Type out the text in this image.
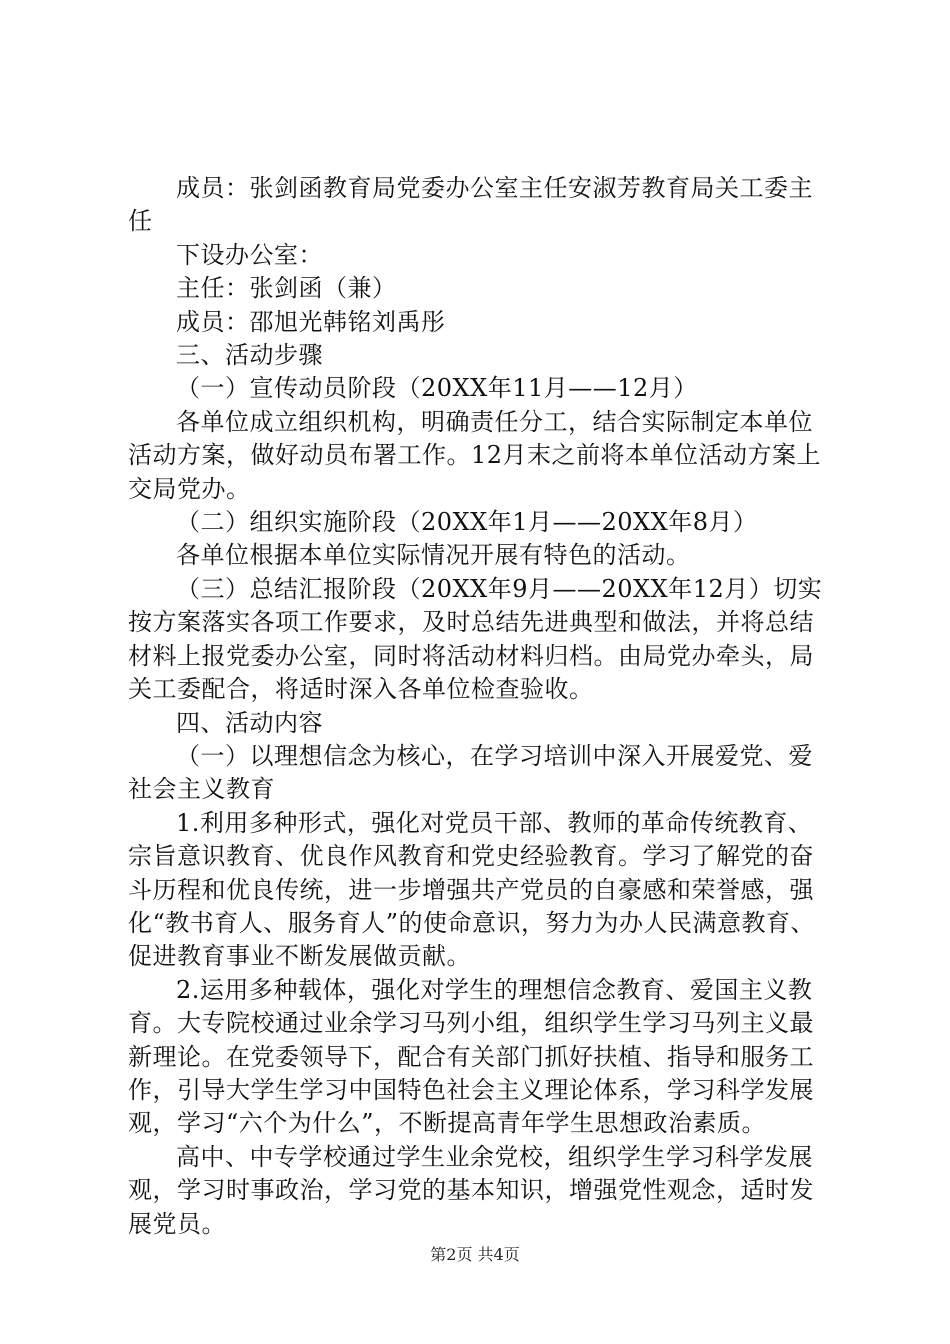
成员：张剑函教育局党委办公室主任安淑芳教育局关工委主任

下设办公室：

主任：张剑函（兼）

成员：邵旭光韩铭刘禹彤

三、活动步骤

（一）宣传动员阶段（20XX年11月——12月）

各单位成立组织机构，明确责任分工，结合实际制定本单位活动方案，做好动员布署工作。12月末之前将本单位活动方案上交局党办。

（二）组织实施阶段（20XX年1月——20XX年8月）

各单位根据本单位实际情况开展有特色的活动。

（三）总结汇报阶段（20XX年9月——20XX年12月）切实按方案落实各项工作要求，及时总结先进典型和做法，并将总结材料上报党委办公室，同时将活动材料归档。由局党办牵头，局关工委配合，将适时深入各单位检查验收。

四、活动内容

（一）以理想信念为核心，在学习培训中深入开展爱党、爱社会主义教育

1.利用多种形式，强化对党员干部、教师的革命传统教育、宗旨意识教育、优良作风教育和党史经验教育。学习了解党的奋斗历程和优良传统，进一步增强共产党员的自豪感和荣誉感，强化“教书育人、服务育人”的使命意识，努力为办人民满意教育、促进教育事业不断发展做贡献。

2.运用多种载体，强化对学生的理想信念教育、爱国主义教育。大专院校通过业余学习马列小组，组织学生学习马列主义最新理论。在党委领导下，配合有关部门抓好扶植、指导和服务工作，引导大学生学习中国特色社会主义理论体系，学习科学发展观，学习“六个为什么”，不断提高青年学生思想政治素质。

高中、中专学校通过学生业余党校，组织学生学习科学发展观，学习时事政治，学习党的基本知识，增强党性观念，适时发展党员。

第2页 共4页
